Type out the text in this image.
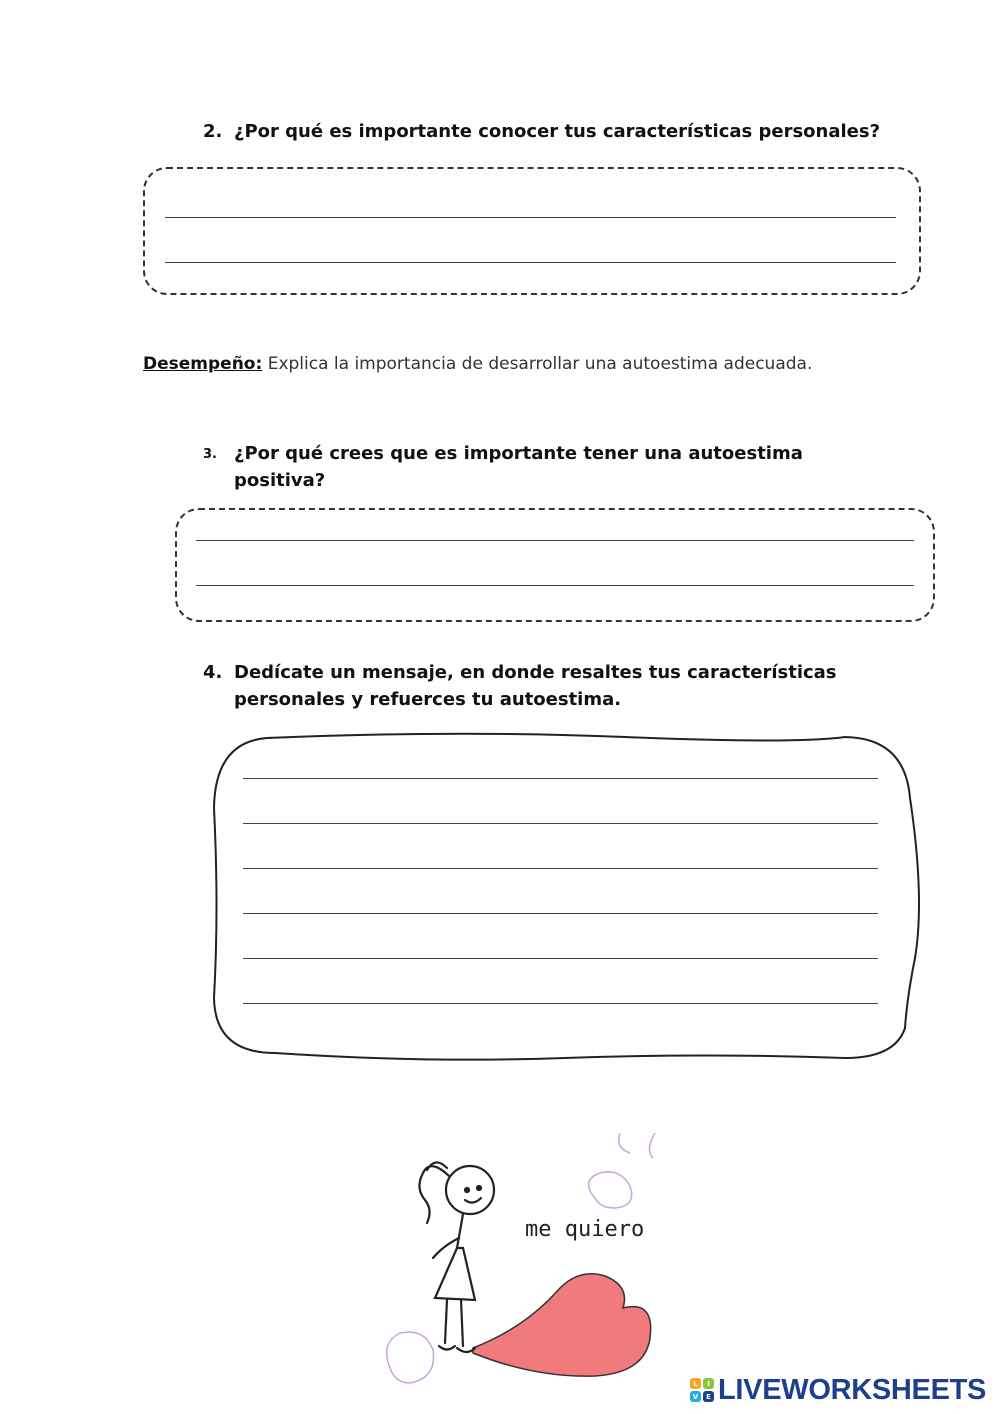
2. ¿Por qué es importante conocer tus características personales?
Desempeño: Explica la importancia de desarrollar una autoestima adecuada.
3. ¿Por qué crees que es importante tener una autoestima
positiva?
4. Dedícate un mensaje, en donde resaltes tus características
personales y refuerces tu autoestima.
me quiero
L	I
V	E LIVEWORKSHEETS
